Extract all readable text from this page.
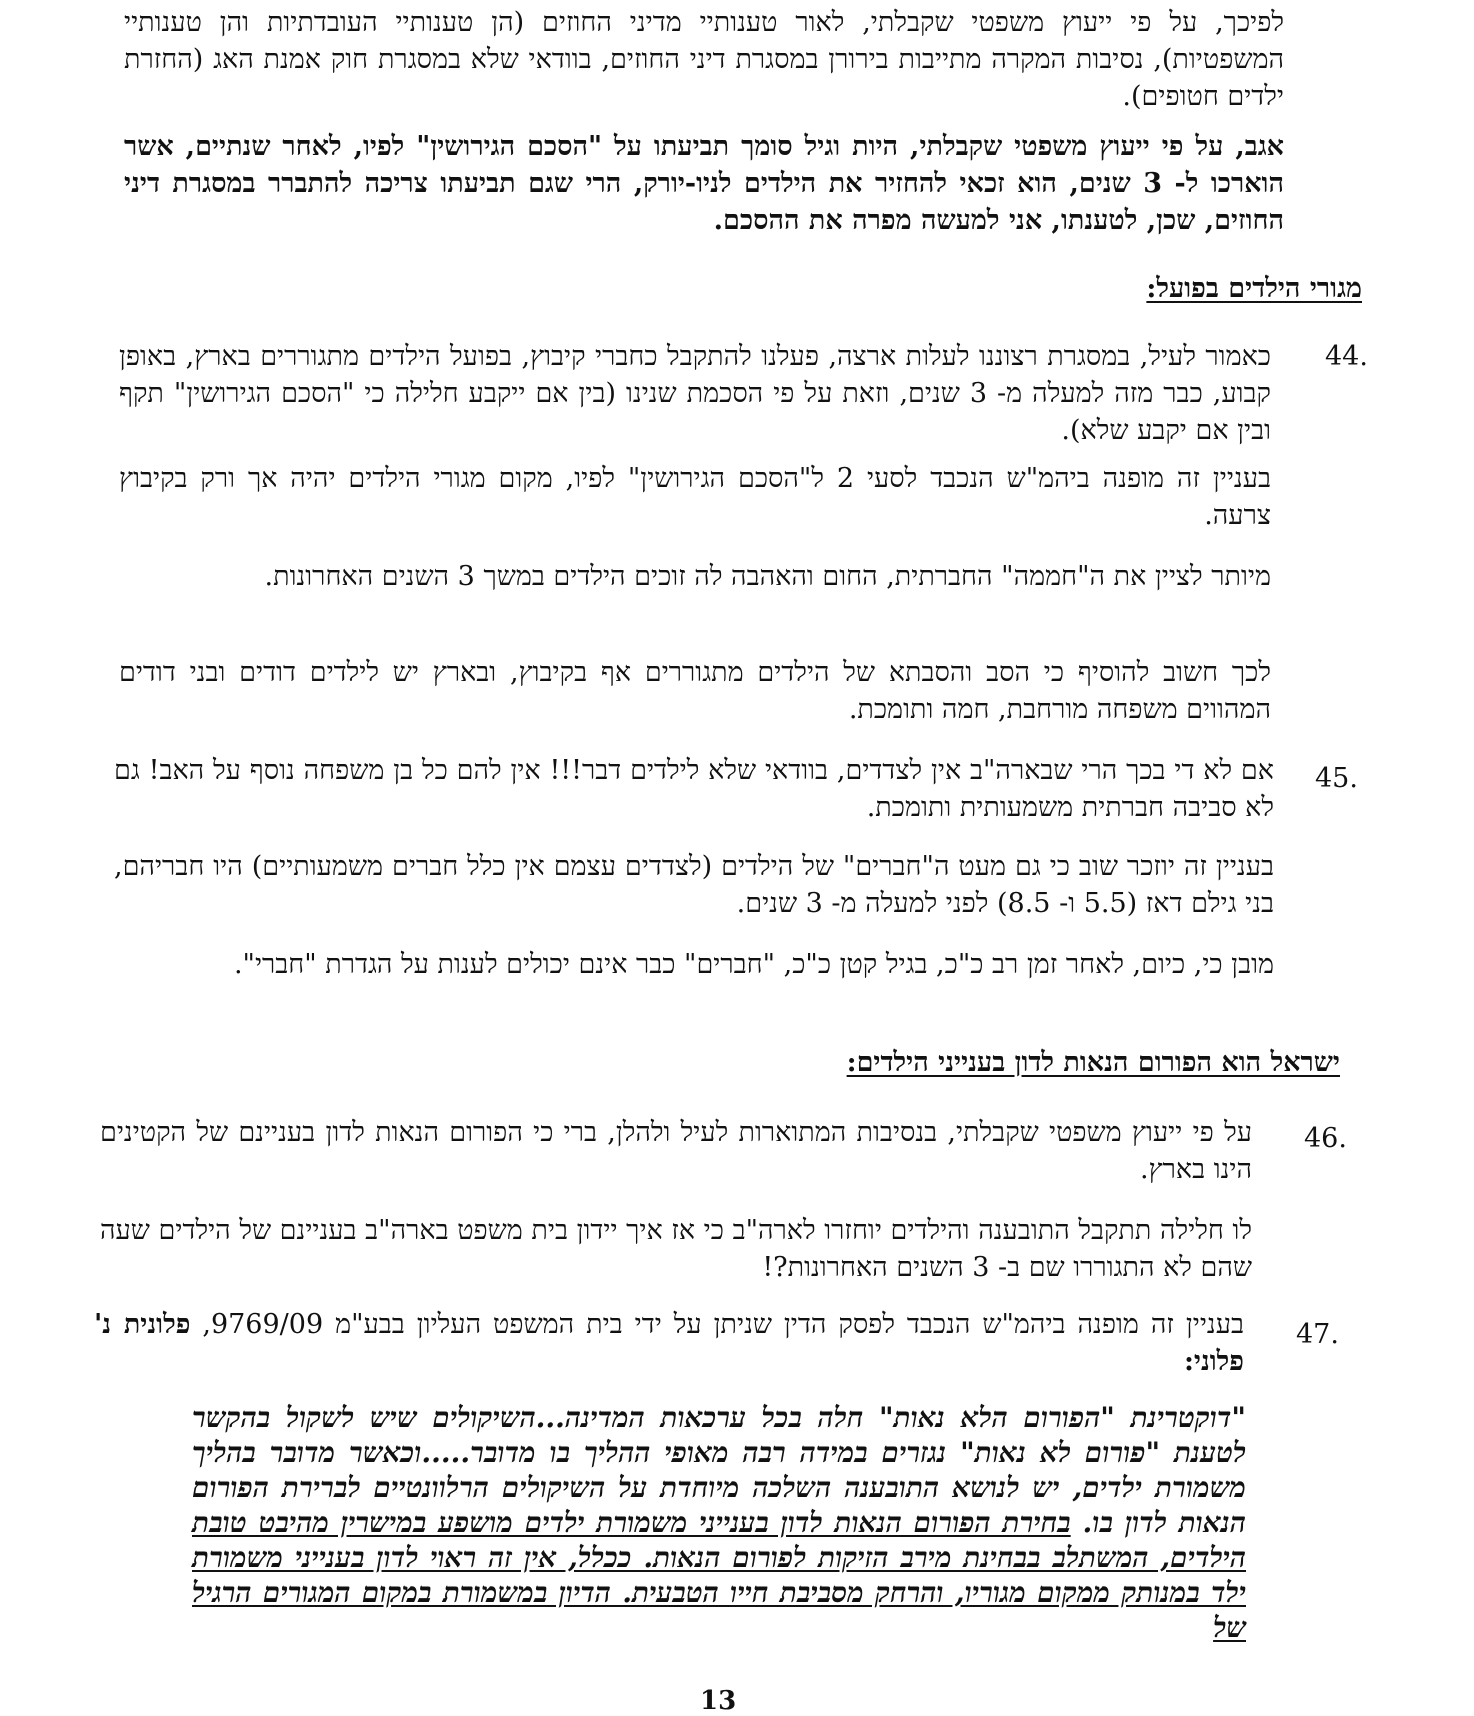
לפיכך, על פי ייעוץ משפטי שקבלתי, לאור טענותיי מדיני החוזים (הן טענותיי העובדתיות והן טענותיי המשפטיות), נסיבות המקרה מתייבות בירורן במסגרת דיני החוזים, בוודאי שלא במסגרת חוק אמנת האג (החזרת ילדים חטופים).
אגב, על פי ייעוץ משפטי שקבלתי, היות וגיל סומך תביעתו על "הסכם הגירושין" לפיו, לאחר שנתיים, אשר הוארכו ל- 3 שנים, הוא זכאי להחזיר את הילדים לניו-יורק, הרי שגם תביעתו צריכה להתברר במסגרת דיני החוזים, שכן, לטענתו, אני למעשה מפרה את ההסכם.
מגורי הילדים בפועל:
44.
כאמור לעיל, במסגרת רצוננו לעלות ארצה, פעלנו להתקבל כחברי קיבוץ, בפועל הילדים מתגוררים בארץ, באופן קבוע, כבר מזה למעלה מ- 3 שנים, וזאת על פי הסכמת שנינו (בין אם ייקבע חלילה כי "הסכם הגירושין" תקף ובין אם יקבע שלא).
בעניין זה מופנה ביהמ"ש הנכבד לסעי 2 ל"הסכם הגירושין" לפיו, מקום מגורי הילדים יהיה אך ורק בקיבוץ צרעה.
מיותר לציין את ה"חממה" החברתית, החום והאהבה לה זוכים הילדים במשך 3 השנים האחרונות.
לכך חשוב להוסיף כי הסב והסבתא של הילדים מתגוררים אף בקיבוץ, ובארץ יש לילדים דודים ובני דודים המהווים משפחה מורחבת, חמה ותומכת.
45.
אם לא די בכך הרי שבארה"ב אין לצדדים, בוודאי שלא לילדים דבר!!! אין להם כל בן משפחה נוסף על האב! גם לא סביבה חברתית משמעותית ותומכת.
בעניין זה יוזכר שוב כי גם מעט ה"חברים" של הילדים (לצדדים עצמם אין כלל חברים משמעותיים) היו חבריהם, בני גילם דאז (5.5 ו- 8.5) לפני למעלה מ- 3 שנים.
מובן כי, כיום, לאחר זמן רב כ"כ, בגיל קטן כ"כ, "חברים" כבר אינם יכולים לענות על הגדרת "חברי".
ישראל הוא הפורום הנאות לדון בענייני הילדים:
46.
על פי ייעוץ משפטי שקבלתי, בנסיבות המתוארות לעיל ולהלן, ברי כי הפורום הנאות לדון בעניינם של הקטינים הינו בארץ.
לו חלילה תתקבל התובענה והילדים יוחזרו לארה"ב כי אז איך יידון בית משפט בארה"ב בעניינם של הילדים שעה שהם לא התגוררו שם ב- 3 השנים האחרונות?!
47.
בעניין זה מופנה ביהמ"ש הנכבד לפסק הדין שניתן על ידי בית המשפט העליון בבע"מ 9769/09, פלונית נ' פלוני:
"דוקטרינת "הפורום הלא נאות" חלה בכל ערכאות המדינה...השיקולים שיש לשקול בהקשר לטענת "פורום לא נאות" נגזרים במידה רבה מאופי ההליך בו מדובר.....וכאשר מדובר בהליך משמורת ילדים, יש לנושא התובענה השלכה מיוחדת על השיקולים הרלוונטיים לברירת הפורום הנאות לדון בו. בחירת הפורום הנאות לדון בענייני משמורת ילדים מושפע במישרין מהיבט טובת הילדים, המשתלב בבחינת מירב הזיקות לפורום הנאות. ככלל, אין זה ראוי לדון בענייני משמורת ילד במנותק ממקום מגוריו, והרחק מסביבת חייו הטבעית. הדיון במשמורת במקום המגורים הרגיל של
13
